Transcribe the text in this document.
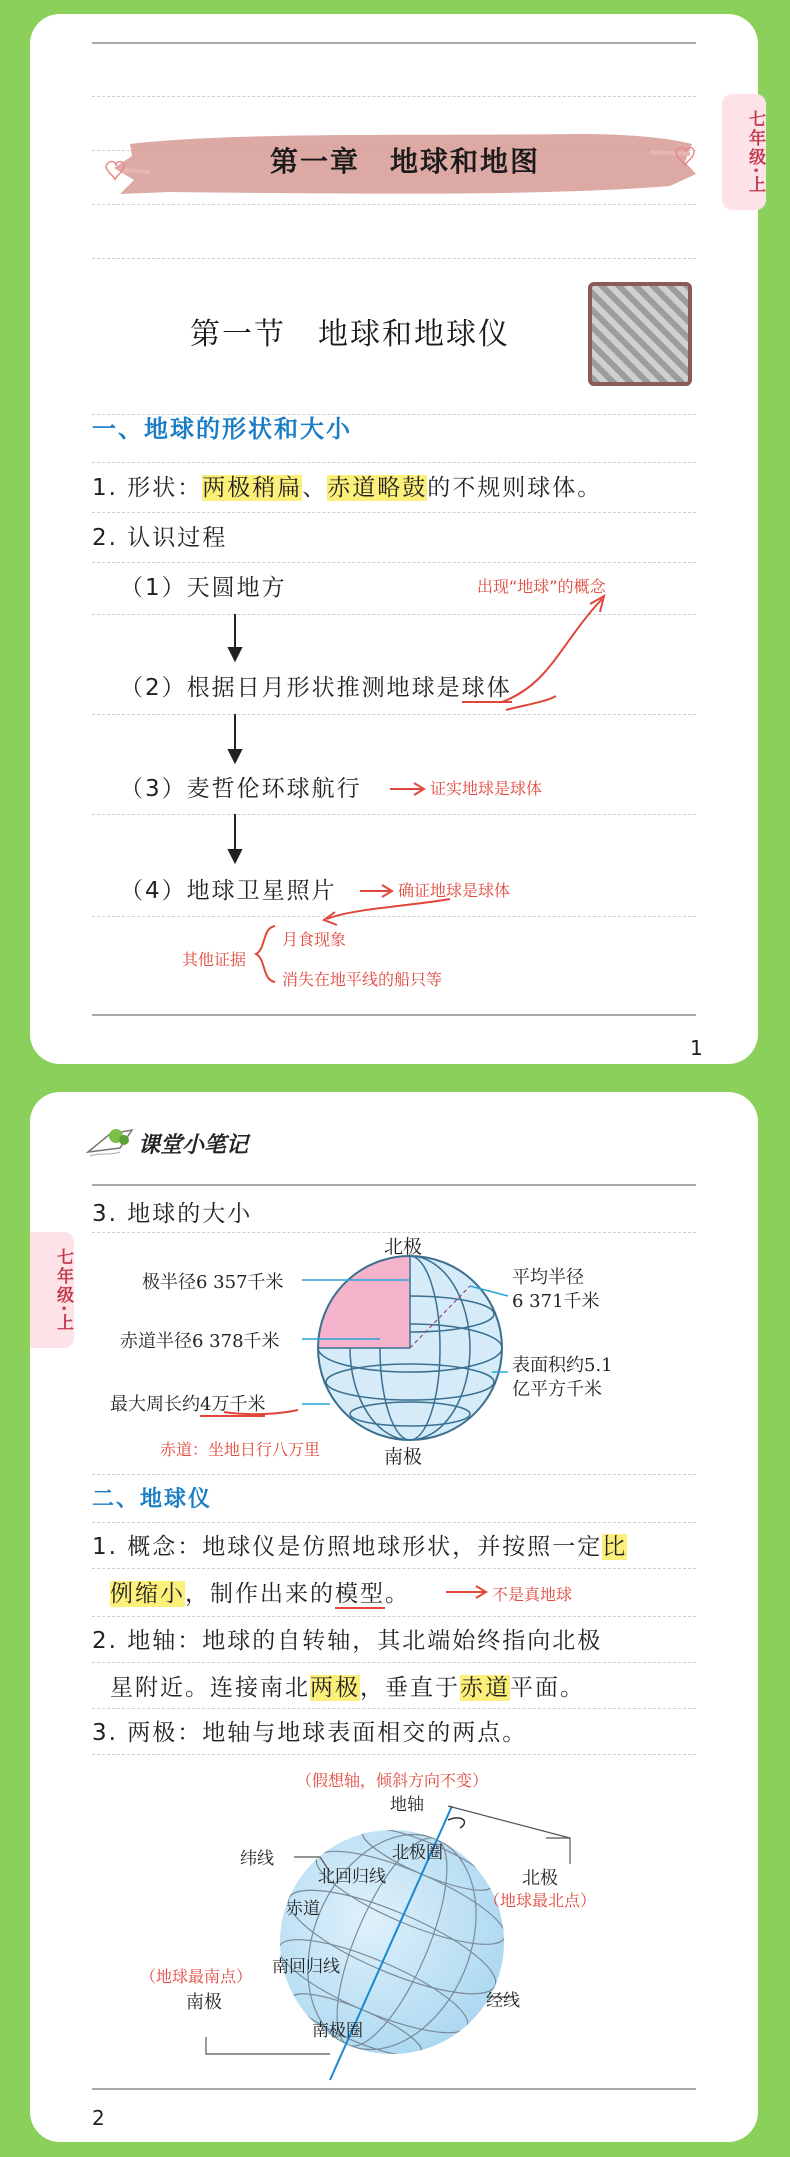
第一章　地球和地图	七年级·上
第一节　地球和地球仪
一、地球的形状和大小
1. 形状：两极稍扁、赤道略鼓的不规则球体。
2. 认识过程
（1）天圆地方	出现“地球”的概念
（2）根据日月形状推测地球是球体
（3）麦哲伦环球航行	证实地球是球体
（4）地球卫星照片	确证地球是球体
其他证据
月食现象
消失在地平线的船只等
1
课堂小笔记
七年级·上
3. 地球的大小
北极
南极
极半径6 357千米
赤道半径6 378千米
最大周长约4万千米
平均半径
6 371千米
表面积约5.1
亿平方千米
赤道：坐地日行八万里
二、地球仪
1. 概念：地球仪是仿照地球形状，并按照一定比
例缩小，制作出来的模型。	不是真地球
2. 地轴：地球的自转轴，其北端始终指向北极
星附近。连接南北两极，垂直于赤道平面。
3. 两极：地轴与地球表面相交的两点。
（假想轴，倾斜方向不变）
地轴
纬线	北极圈
北回归线
赤道
南回归线
南极圈
经线
北极
（地球最北点）
（地球最南点）
南极
2
